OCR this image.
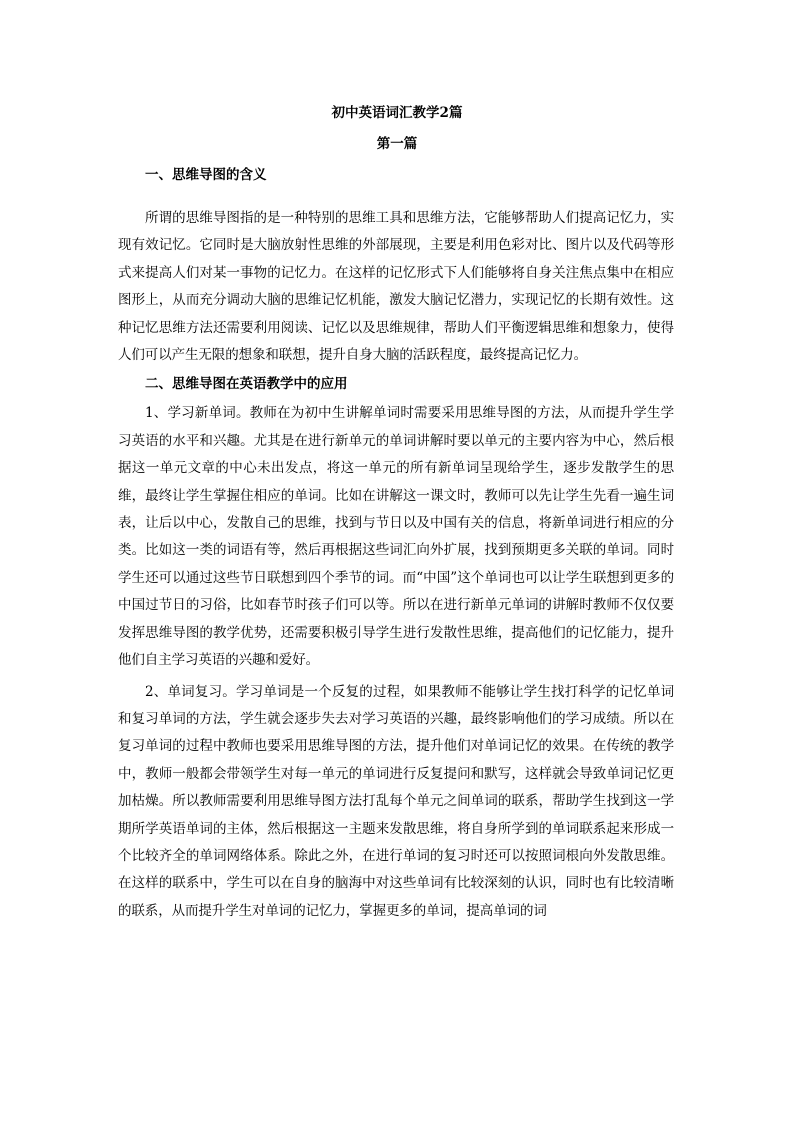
初中英语词汇教学2篇
第一篇
一、思维导图的含义

所谓的思维导图指的是一种特别的思维工具和思维方法，它能够帮助人们提高记忆力，实现有效记忆。它同时是大脑放射性思维的外部展现，主要是利用色彩对比、图片以及代码等形式来提高人们对某一事物的记忆力。在这样的记忆形式下人们能够将自身关注焦点集中在相应图形上，从而充分调动大脑的思维记忆机能，激发大脑记忆潜力，实现记忆的长期有效性。这种记忆思维方法还需要利用阅读、记忆以及思维规律，帮助人们平衡逻辑思维和想象力，使得人们可以产生无限的想象和联想，提升自身大脑的活跃程度，最终提高记忆力。

二、思维导图在英语教学中的应用

1、学习新单词。教师在为初中生讲解单词时需要采用思维导图的方法，从而提升学生学习英语的水平和兴趣。尤其是在进行新单元的单词讲解时要以单元的主要内容为中心，然后根据这一单元文章的中心未出发点，将这一单元的所有新单词呈现给学生，逐步发散学生的思维，最终让学生掌握住相应的单词。比如在讲解这一课文时，教师可以先让学生先看一遍生词表，让后以中心，发散自己的思维，找到与节日以及中国有关的信息，将新单词进行相应的分类。比如这一类的词语有等，然后再根据这些词汇向外扩展，找到预期更多关联的单词。同时学生还可以通过这些节日联想到四个季节的词。而“中国”这个单词也可以让学生联想到更多的中国过节日的习俗，比如春节时孩子们可以等。所以在进行新单元单词的讲解时教师不仅仅要发挥思维导图的教学优势，还需要积极引导学生进行发散性思维，提高他们的记忆能力，提升他们自主学习英语的兴趣和爱好。

2、单词复习。学习单词是一个反复的过程，如果教师不能够让学生找打科学的记忆单词和复习单词的方法，学生就会逐步失去对学习英语的兴趣，最终影响他们的学习成绩。所以在复习单词的过程中教师也要采用思维导图的方法，提升他们对单词记忆的效果。在传统的教学中，教师一般都会带领学生对每一单元的单词进行反复提问和默写，这样就会导致单词记忆更加枯燥。所以教师需要利用思维导图方法打乱每个单元之间单词的联系，帮助学生找到这一学期所学英语单词的主体，然后根据这一主题来发散思维，将自身所学到的单词联系起来形成一个比较齐全的单词网络体系。除此之外，在进行单词的复习时还可以按照词根向外发散思维。在这样的联系中，学生可以在自身的脑海中对这些单词有比较深刻的认识，同时也有比较清晰的联系，从而提升学生对单词的记忆力，掌握更多的单词，提高单词的词
